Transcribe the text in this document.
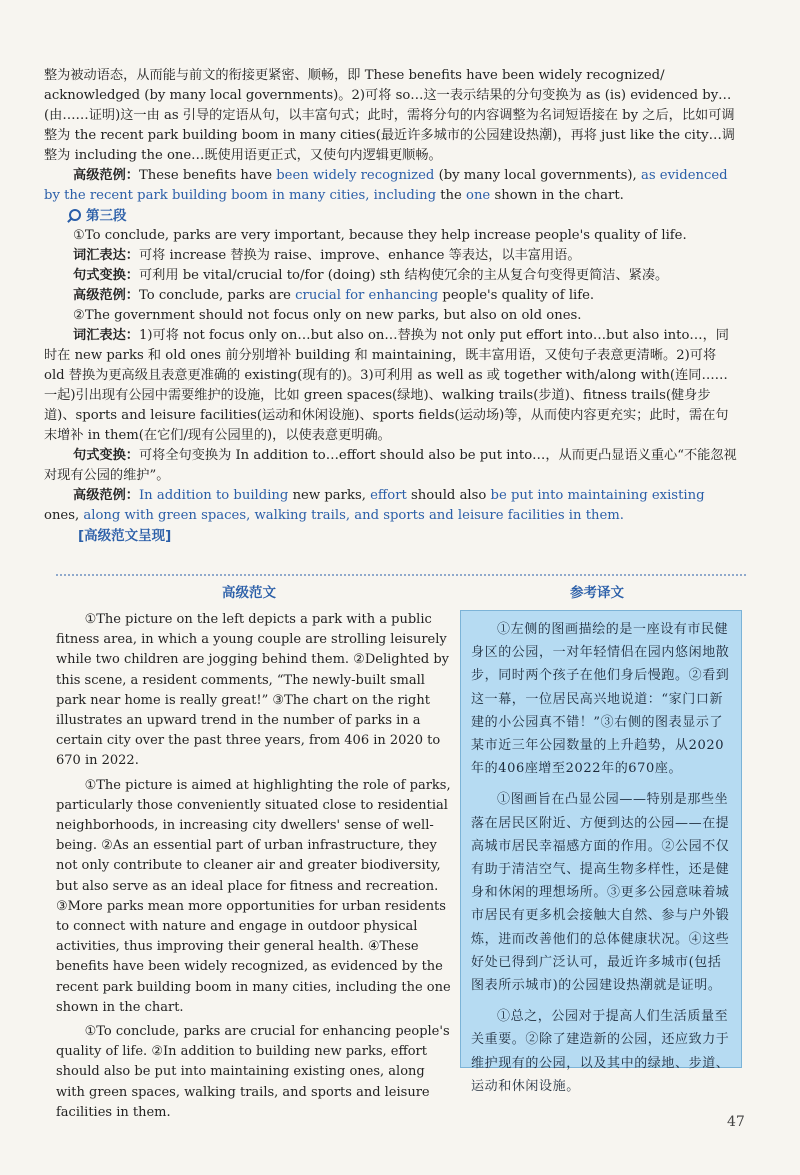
整为被动语态，从而能与前文的衔接更紧密、顺畅，即 These benefits have been widely recognized/ acknowledged (by many local governments)。2)可将 so…这一表示结果的分句变换为 as (is) evidenced by…(由……证明)这一由 as 引导的定语从句，以丰富句式；此时，需将分句的内容调整为名词短语接在 by 之后，比如可调整为 the recent park building boom in many cities(最近许多城市的公园建设热潮)，再将 just like the city…调整为 including the one…既使用语更正式，又使句内逻辑更顺畅。

高级范例：These benefits have been widely recognized (by many local governments), as evidenced by the recent park building boom in many cities, including the one shown in the chart.

第三段

①To conclude, parks are very important, because they help increase people's quality of life.

词汇表达：可将 increase 替换为 raise、improve、enhance 等表达，以丰富用语。

句式变换：可利用 be vital/crucial to/for (doing) sth 结构使冗余的主从复合句变得更简洁、紧凑。

高级范例：To conclude, parks are crucial for enhancing people's quality of life.

②The government should not focus only on new parks, but also on old ones.

词汇表达：1)可将 not focus only on…but also on…替换为 not only put effort into…but also into…，同时在 new parks 和 old ones 前分别增补 building 和 maintaining，既丰富用语，又使句子表意更清晰。2)可将 old 替换为更高级且表意更准确的 existing(现有的)。3)可利用 as well as 或 together with/along with(连同……一起)引出现有公园中需要维护的设施，比如 green spaces(绿地)、walking trails(步道)、fitness trails(健身步道)、sports and leisure facilities(运动和休闲设施)、sports fields(运动场)等，从而使内容更充实；此时，需在句末增补 in them(在它们/现有公园里的)，以使表意更明确。

句式变换：可将全句变换为 In addition to…effort should also be put into…，从而更凸显语义重心“不能忽视对现有公园的维护”。

高级范例：In addition to building new parks, effort should also be put into maintaining existing ones, along with green spaces, walking trails, and sports and leisure facilities in them.

[高级范文呈现]
高级范文	参考译文

①The picture on the left depicts a park with a public fitness area, in which a young couple are strolling leisurely while two children are jogging behind them. ②Delighted by this scene, a resident comments, “The newly-built small park near home is really great!” ③The chart on the right illustrates an upward trend in the number of parks in a certain city over the past three years, from 406 in 2020 to 670 in 2022.

①The picture is aimed at highlighting the role of parks, particularly those conveniently situated close to residential neighborhoods, in increasing city dwellers' sense of well-being. ②As an essential part of urban infrastructure, they not only contribute to cleaner air and greater biodiversity, but also serve as an ideal place for fitness and recreation. ③More parks mean more opportunities for urban residents to connect with nature and engage in outdoor physical activities, thus improving their general health. ④These benefits have been widely recognized, as evidenced by the recent park building boom in many cities, including the one shown in the chart.

①To conclude, parks are crucial for enhancing people's quality of life. ②In addition to building new parks, effort should also be put into maintaining existing ones, along with green spaces, walking trails, and sports and leisure facilities in them.

①左侧的图画描绘的是一座设有市民健身区的公园，一对年轻情侣在园内悠闲地散步，同时两个孩子在他们身后慢跑。②看到这一幕，一位居民高兴地说道：“家门口新建的小公园真不错！”③右侧的图表显示了某市近三年公园数量的上升趋势，从2020年的406座增至2022年的670座。

①图画旨在凸显公园——特别是那些坐落在居民区附近、方便到达的公园——在提高城市居民幸福感方面的作用。②公园不仅有助于清洁空气、提高生物多样性，还是健身和休闲的理想场所。③更多公园意味着城市居民有更多机会接触大自然、参与户外锻炼，进而改善他们的总体健康状况。④这些好处已得到广泛认可，最近许多城市(包括图表所示城市)的公园建设热潮就是证明。

①总之，公园对于提高人们生活质量至关重要。②除了建造新的公园，还应致力于维护现有的公园，以及其中的绿地、步道、运动和休闲设施。

47
